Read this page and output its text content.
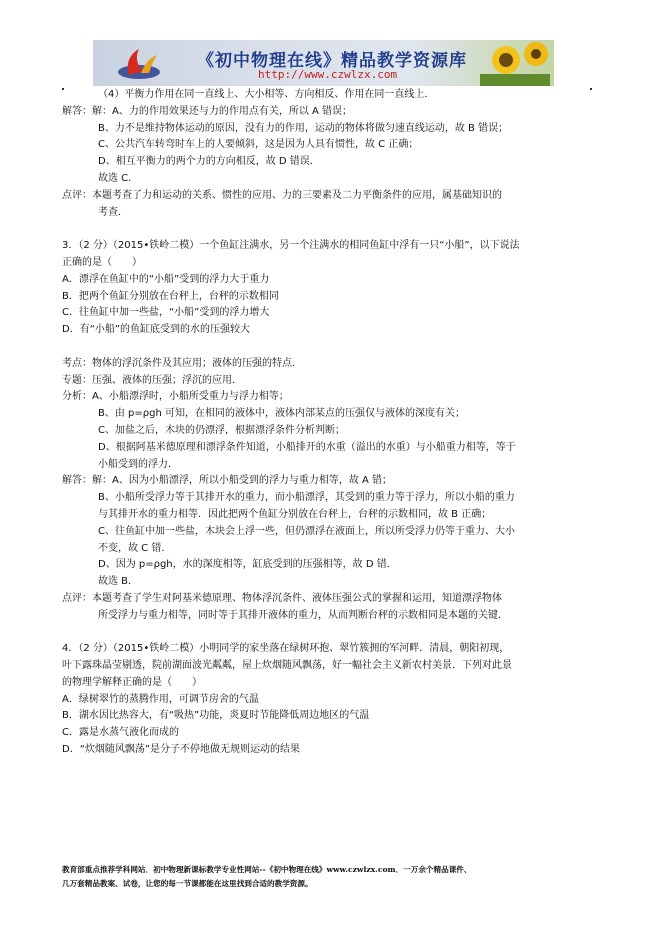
《初中物理在线》精品教学资源库
http://www.czwlzx.com
（4）平衡力作用在同一直线上、大小相等、方向相反、作用在同一直线上．
解答：解：A、力的作用效果还与力的作用点有关，所以 A 错误；
B、力不是维持物体运动的原因，没有力的作用，运动的物体将做匀速直线运动，故 B 错误；
C、公共汽车转弯时车上的人要倾斜，这是因为人具有惯性，故 C 正确；
D、相互平衡力的两个力的方向相反，故 D 错误．
故选 C．
点评：本题考查了力和运动的关系、惯性的应用、力的三要素及二力平衡条件的应用，属基础知识的
考查．
3．（2 分）（2015•铁岭二模）一个鱼缸注满水，另一个注满水的相同鱼缸中浮有一只“小船”，以下说法
正确的是（　　）
A．漂浮在鱼缸中的“小船”受到的浮力大于重力
B．把两个鱼缸分别放在台秤上，台秤的示数相同
C．往鱼缸中加一些盐，“小船”受到的浮力增大
D．有“小船”的鱼缸底受到的水的压强较大
考点：物体的浮沉条件及其应用；液体的压强的特点．
专题：压强、液体的压强；浮沉的应用．
分析：A、小船漂浮时，小船所受重力与浮力相等；
B、由 p=ρgh 可知，在相同的液体中，液体内部某点的压强仅与液体的深度有关；
C、加盐之后，木块的仍漂浮，根据漂浮条件分析判断；
D、根据阿基米德原理和漂浮条件知道，小船排开的水重（溢出的水重）与小船重力相等，等于
小船受到的浮力．
解答：解：A、因为小船漂浮，所以小船受到的浮力与重力相等，故 A 错；
B、小船所受浮力等于其排开水的重力，而小船漂浮，其受到的重力等于浮力，所以小船的重力
与其排开水的重力相等．因此把两个鱼缸分别放在台秤上，台秤的示数相同，故 B 正确；
C、往鱼缸中加一些盐，木块会上浮一些，但仍漂浮在液面上，所以所受浮力仍等于重力、大小
不变，故 C 错．
D、因为 p=ρgh，水的深度相等，缸底受到的压强相等，故 D 错．
故选 B．
点评：本题考查了学生对阿基米德原理、物体浮沉条件、液体压强公式的掌握和运用，知道漂浮物体
所受浮力与重力相等，同时等于其排开液体的重力，从而判断台秤的示数相同是本题的关键．
4．（2 分）（2015•铁岭二模）小明同学的家坐落在绿树环抱、翠竹簇拥的军河畔．清晨，朝阳初现，
叶下露珠晶莹剔透，院前湖面波光粼粼，屋上炊烟随风飘荡，好一幅社会主义新农村美景．下列对此景
的物理学解释正确的是（　　）
A．绿树翠竹的蒸腾作用，可调节房舍的气温
B．湖水因比热容大，有“吸热”功能，炎夏时节能降低周边地区的气温
C．露是水蒸气液化而成的
D．“炊烟随风飘荡”是分子不停地做无规则运动的结果
教育部重点推荐学科网站．初中物理新课标教学专业性网站--《初中物理在线》www.czwlzx.com．一万余个精品课件、
几万套精品教案、试卷，让您的每一节课都能在这里找到合适的教学资源。
